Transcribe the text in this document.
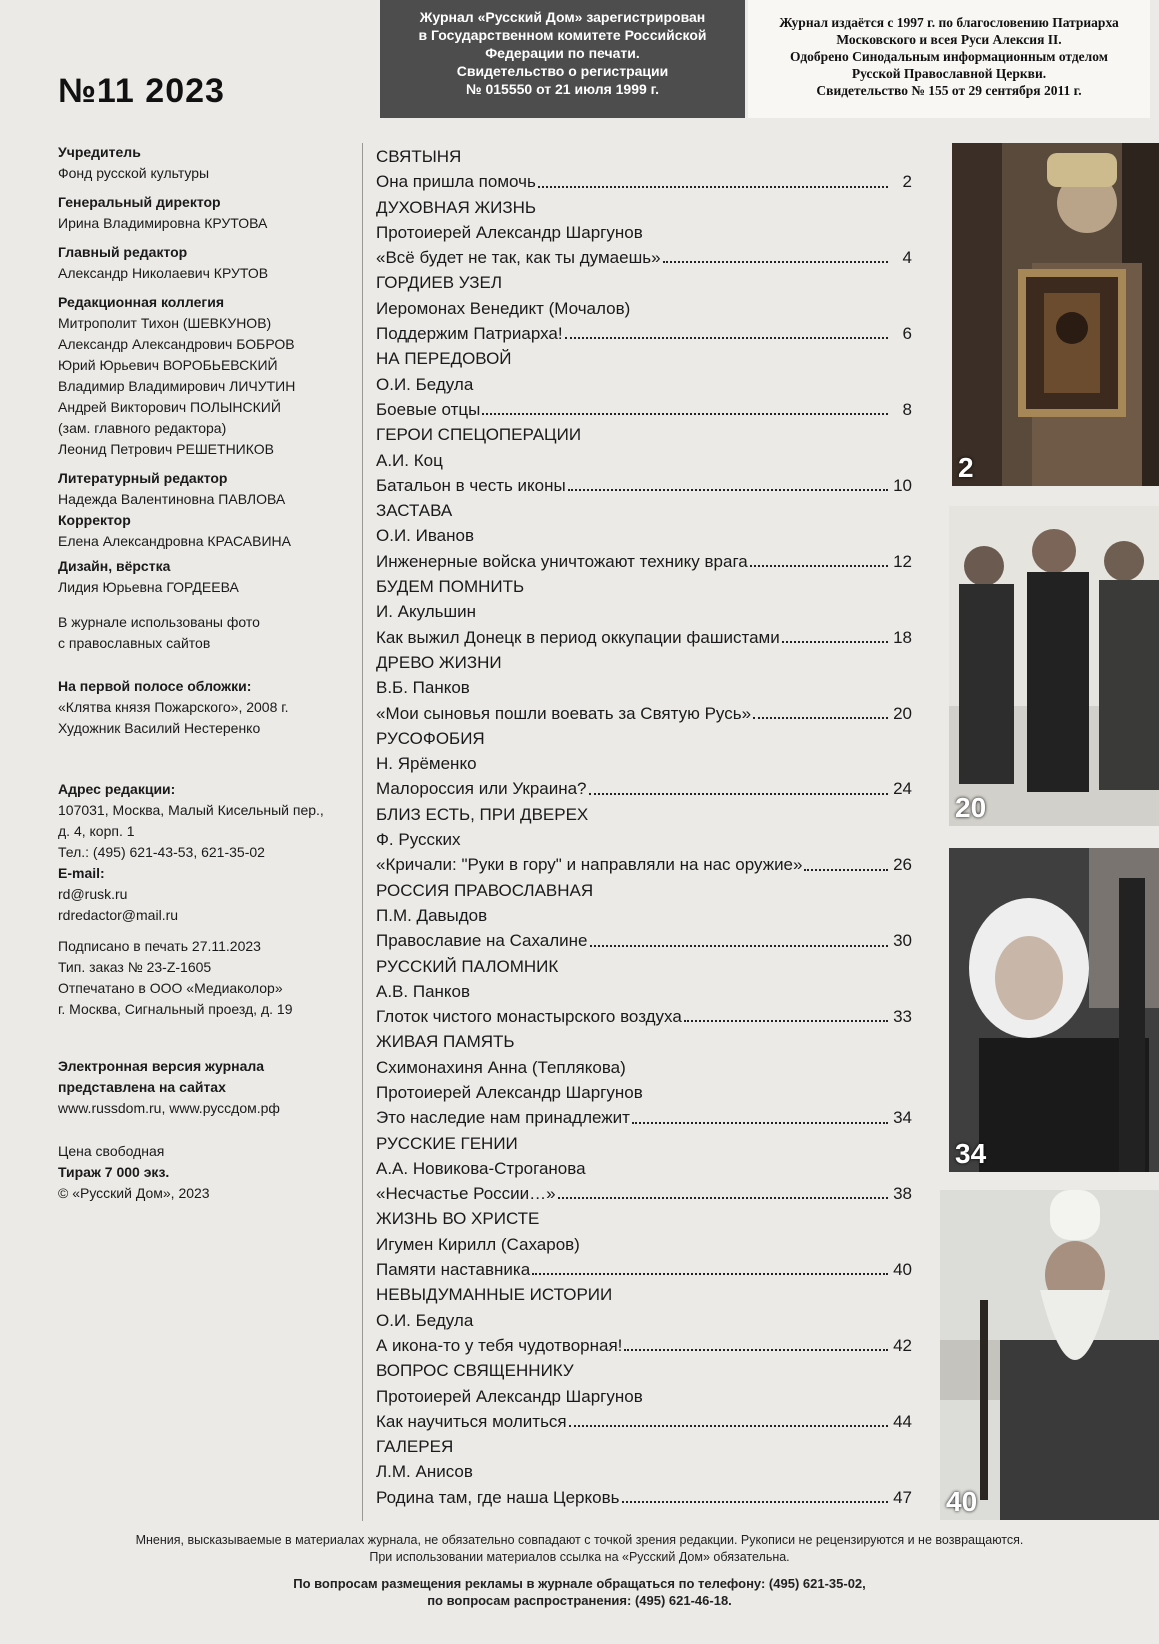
№11 2023
Журнал «Русский Дом» зарегистрирован
в Государственном комитете Российской
Федерации по печати.
Свидетельство о регистрации
№ 015550 от 21 июля 1999 г.
Журнал издаётся с 1997 г. по благословению Патриарха
Московского и всея Руси Алексия II.
Одобрено Синодальным информационным отделом
Русской Православной Церкви.
Свидетельство № 155 от 29 сентября 2011 г.
Учредитель
Фонд русской культуры
Генеральный директор
Ирина Владимировна КРУТОВА
Главный редактор
Александр Николаевич КРУТОВ
Редакционная коллегия
Митрополит Тихон (ШЕВКУНОВ)
Александр Александрович БОБРОВ
Юрий Юрьевич ВОРОБЬЕВСКИЙ
Владимир Владимирович ЛИЧУТИН
Андрей Викторович ПОЛЫНСКИЙ
(зам. главного редактора)
Леонид Петрович РЕШЕТНИКОВ
Литературный редактор
Надежда Валентиновна ПАВЛОВА
Корректор
Елена Александровна КРАСАВИНА
Дизайн, вёрстка
Лидия Юрьевна ГОРДЕЕВА
В журнале использованы фото
с православных сайтов
На первой полосе обложки:
«Клятва князя Пожарского», 2008 г.
Художник Василий Нестеренко
Адрес редакции:
107031, Москва, Малый Кисельный пер.,
д. 4, корп. 1
Тел.: (495) 621-43-53, 621-35-02
E-mail:
rd@rusk.ru
rdredactor@mail.ru
Подписано в печать 27.11.2023
Тип. заказ № 23-Z-1605
Отпечатано в ООО «Медиаколор»
г. Москва, Сигнальный проезд, д. 19
Электронная версия журнала
представлена на сайтах
www.russdom.ru, www.руссдом.рф
Цена свободная
Тираж 7 000 экз.
© «Русский Дом», 2023
СВЯТЫНЯ
Она пришла помочь	2
ДУХОВНАЯ ЖИЗНЬ
Протоиерей Александр Шаргунов
«Всё будет не так, как ты думаешь»	4
ГОРДИЕВ УЗЕЛ
Иеромонах Венедикт (Мочалов)
Поддержим Патриарха!	6
НА ПЕРЕДОВОЙ
О.И. Бедула
Боевые отцы	8
ГЕРОИ СПЕЦОПЕРАЦИИ
А.И. Коц
Батальон в честь иконы	10
ЗАСТАВА
О.И. Иванов
Инженерные войска уничтожают технику врага	12
БУДЕМ ПОМНИТЬ
И. Акульшин
Как выжил Донецк в период оккупации фашистами	18
ДРЕВО ЖИЗНИ
В.Б. Панков
«Мои сыновья пошли воевать за Святую Русь»	20
РУСОФОБИЯ
Н. Ярёменко
Малороссия или Украина?	24
БЛИЗ ЕСТЬ, ПРИ ДВЕРЕХ
Ф. Русских
«Кричали: "Руки в гору" и направляли на нас оружие»	26
РОССИЯ ПРАВОСЛАВНАЯ
П.М. Давыдов
Православие на Сахалине	30
РУССКИЙ ПАЛОМНИК
А.В. Панков
Глоток чистого монастырского воздуха	33
ЖИВАЯ ПАМЯТЬ
Схимонахиня Анна (Теплякова)
Протоиерей Александр Шаргунов
Это наследие нам принадлежит	34
РУССКИЕ ГЕНИИ
А.А. Новикова-Строганова
«Несчастье России…»	38
ЖИЗНЬ ВО ХРИСТЕ
Игумен Кирилл (Сахаров)
Памяти наставника	40
НЕВЫДУМАННЫЕ ИСТОРИИ
О.И. Бедула
А икона-то у тебя чудотворная!	42
ВОПРОС СВЯЩЕННИКУ
Протоиерей Александр Шаргунов
Как научиться молиться	44
ГАЛЕРЕЯ
Л.М. Анисов
Родина там, где наша Церковь	47
2
20
34
40
Мнения, высказываемые в материалах журнала, не обязательно совпадают с точкой зрения редакции. Рукописи не рецензируются и не возвращаются.
При использовании материалов ссылка на «Русский Дом» обязательна.
По вопросам размещения рекламы в журнале обращаться по телефону: (495) 621-35-02,
по вопросам распространения: (495) 621-46-18.
